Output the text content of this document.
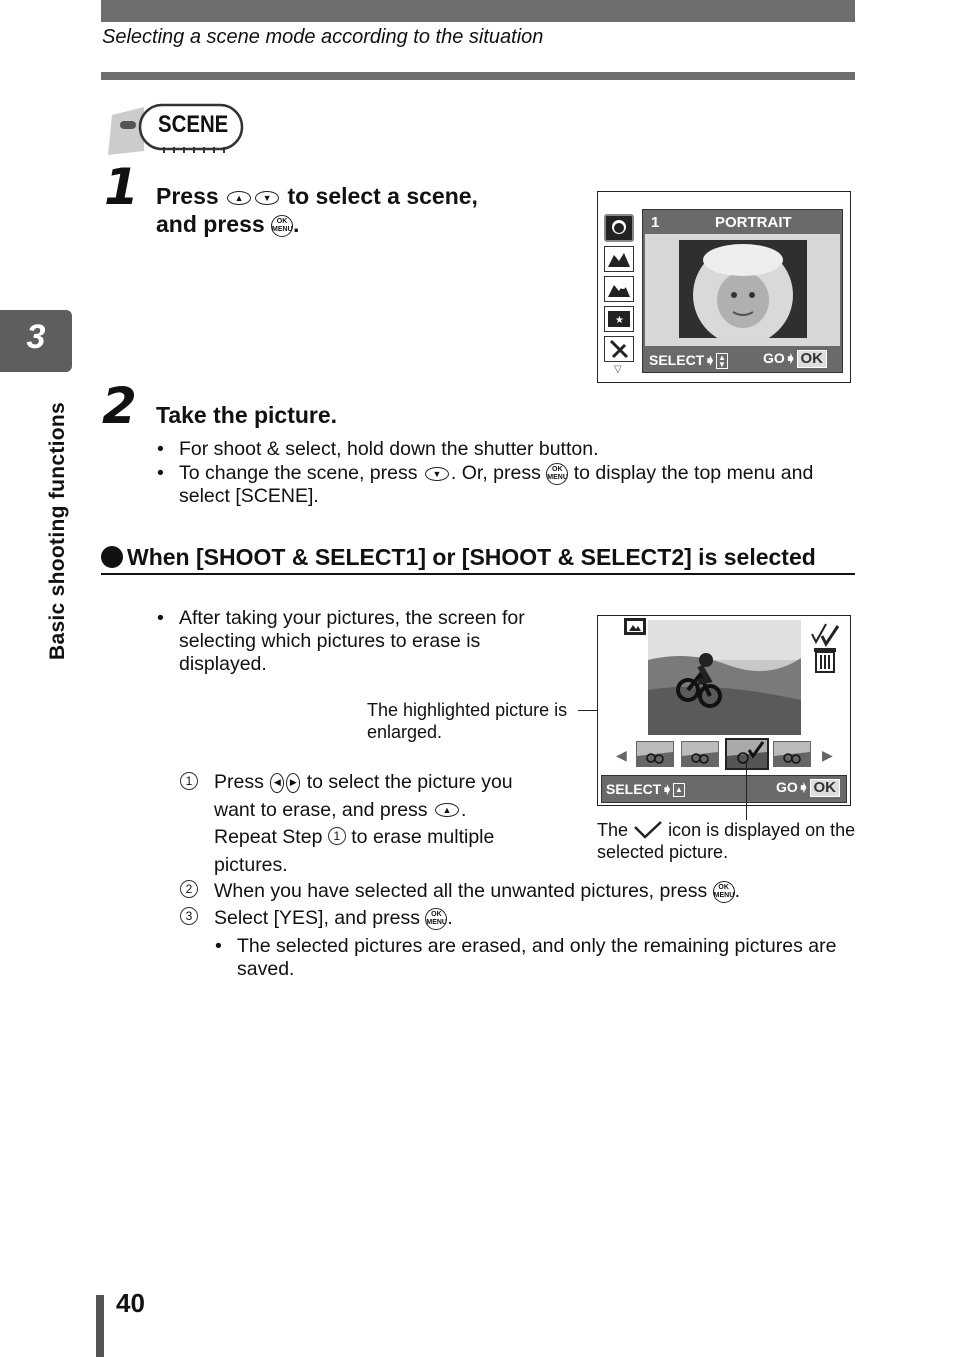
Selecting a scene mode according to the situation
3
Basic shooting functions
SCENE
1 Press ▲ ▼ to select a scene,
and press OK
MENU.
★
▽
1	PORTRAIT
SELECT➧ ▲
▼	GO➧ OK
2 Take the picture.
• For shoot & select, hold down the shutter button.
• To change the scene, press ▼ . Or, press OK
MENU to display the top menu and select [SCENE].
When [SHOOT & SELECT1] or [SHOOT & SELECT2] is selected
• After taking your pictures, the screen for selecting which pictures to erase is displayed.
The highlighted picture is enlarged.
◀	▶
SELECT➧ ▲	GO➧ OK
The icon is displayed on the selected picture.
1 Press ◀ ▶ to select the picture you want to erase, and press ▲ .
Repeat Step 1 to erase multiple pictures.
2 When you have selected all the unwanted pictures, press OK
MENU.
3 Select [YES], and press OK
MENU.
• The selected pictures are erased, and only the remaining pictures are saved.
40
